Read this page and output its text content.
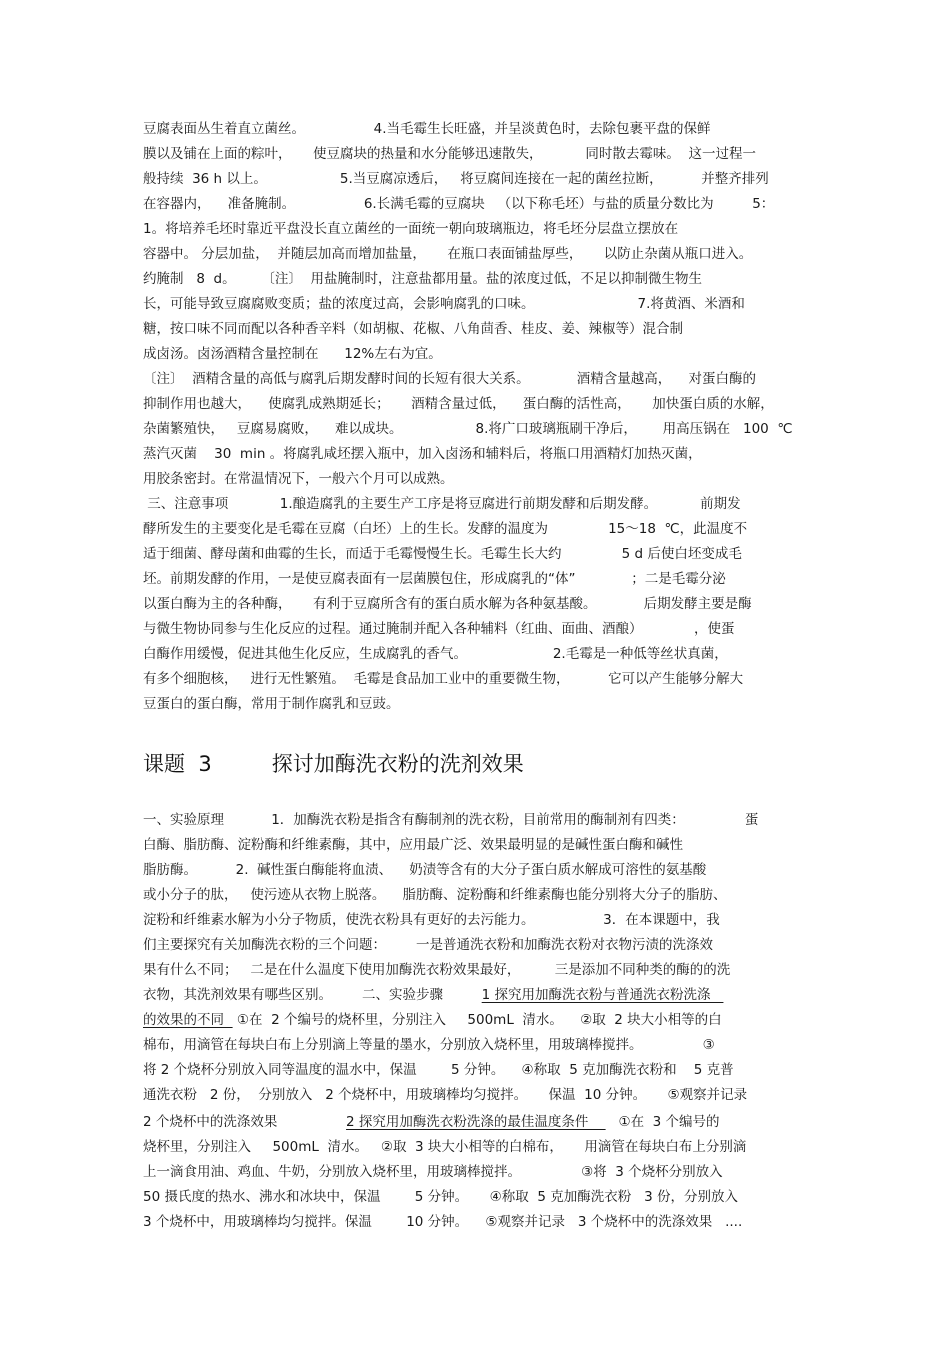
豆腐表面丛生着直立菌丝。                4.当毛霉生长旺盛，并呈淡黄色时，去除包裹平盘的保鲜
膜以及铺在上面的粽叶，     使豆腐块的热量和水分能够迅速散失，          同时散去霉味。  这一过程一
般持续  36 h 以上。                 5.当豆腐凉透后，   将豆腐间连接在一起的菌丝拉断，         并整齐排列
在容器内，    准备腌制。                6.长满毛霉的豆腐块   （以下称毛坯）与盐的质量分数比为         5：
1。将培养毛坯时靠近平盘没长直立菌丝的一面统一朝向玻璃瓶边，将毛坯分层盘立摆放在
容器中。 分层加盐，  并随层加高而增加盐量，     在瓶口表面铺盐厚些，     以防止杂菌从瓶口进入。
约腌制   8  d。      〔注〕  用盐腌制时，注意盐都用量。盐的浓度过低，不足以抑制微生物生
长，可能导致豆腐腐败变质；盐的浓度过高，会影响腐乳的口味。                        7.将黄酒、米酒和
糖，按口味不同而配以各种香辛料（如胡椒、花椒、八角茴香、桂皮、姜、辣椒等）混合制
成卤汤。卤汤酒精含量控制在      12%左右为宜。
〔注〕  酒精含量的高低与腐乳后期发酵时间的长短有很大关系。           酒精含量越高，    对蛋白酶的
抑制作用也越大，    使腐乳成熟期延长；     酒精含量过低，    蛋白酶的活性高，     加快蛋白质的水解，
杂菌繁殖快，   豆腐易腐败，    难以成块。                 8.将广口玻璃瓶刷干净后，      用高压锅在   100  ℃
蒸汽灭菌    30  min 。将腐乳咸坯摆入瓶中，加入卤汤和辅料后，将瓶口用酒精灯加热灭菌，
用胶条密封。在常温情况下，一般六个月可以成熟。
三、注意事项            1.酿造腐乳的主要生产工序是将豆腐进行前期发酵和后期发酵。          前期发
酵所发生的主要变化是毛霉在豆腐（白坯）上的生长。发酵的温度为              15～18  ℃，此温度不
适于细菌、酵母菌和曲霉的生长，而适于毛霉慢慢生长。毛霉生长大约              5 d 后使白坯变成毛
坯。前期发酵的作用，一是使豆腐表面有一层菌膜包住，形成腐乳的“体”             ；二是毛霉分泌
以蛋白酶为主的各种酶，     有利于豆腐所含有的蛋白质水解为各种氨基酸。           后期发酵主要是酶
与微生物协同参与生化反应的过程。通过腌制并配入各种辅料（红曲、面曲、酒酿）            ，使蛋
白酶作用缓慢，促进其他生化反应，生成腐乳的香气。                    2.毛霉是一种低等丝状真菌，
有多个细胞核，   进行无性繁殖。  毛霉是食品加工业中的重要微生物，         它可以产生能够分解大
豆蛋白的蛋白酶，常用于制作腐乳和豆豉。
课题  3         探讨加酶洗衣粉的洗剂效果
一、实验原理           1．加酶洗衣粉是指含有酶制剂的洗衣粉，目前常用的酶制剂有四类：              蛋
白酶、脂肪酶、淀粉酶和纤维素酶，其中，应用最广泛、效果最明显的是碱性蛋白酶和碱性
脂肪酶。         2.  碱性蛋白酶能将血渍、    奶渍等含有的大分子蛋白质水解成可溶性的氨基酸
或小分子的肽，   使污迹从衣物上脱落。    脂肪酶、淀粉酶和纤维素酶也能分别将大分子的脂肪、
淀粉和纤维素水解为小分子物质，使洗衣粉具有更好的去污能力。                3．在本课题中，我
们主要探究有关加酶洗衣粉的三个问题：       一是普通洗衣粉和加酶洗衣粉对衣物污渍的洗涤效
果有什么不同；   二是在什么温度下使用加酶洗衣粉效果最好，        三是添加不同种类的酶的的洗
衣物，其洗剂效果有哪些区别。       二、实验步骤         1 探究用加酶洗衣粉与普通洗衣粉洗涤
的效果的不同   ①在  2 个编号的烧杯里，分别注入     500mL  清水。    ②取  2 块大小相等的白
棉布，用滴管在每块白布上分别滴上等量的墨水，分别放入烧杯里，用玻璃棒搅拌。              ③
将 2 个烧杯分别放入同等温度的温水中，保温        5 分钟。    ④称取  5 克加酶洗衣粉和    5 克普
通洗衣粉   2 份，  分别放入   2 个烧杯中，用玻璃棒均匀搅拌。     保温  10 分钟。     ⑤观察并记录
2 个烧杯中的洗涤效果                2 探究用加酶洗衣粉洗涤的最佳温度条件       ①在  3 个编号的
烧杯里，分别注入     500mL  清水。   ②取  3 块大小相等的白棉布，     用滴管在每块白布上分别滴
上一滴食用油、鸡血、牛奶，分别放入烧杯里，用玻璃棒搅拌。              ③将  3 个烧杯分别放入
50 摄氏度的热水、沸水和冰块中，保温        5 分钟。     ④称取  5 克加酶洗衣粉   3 份，分别放入
3 个烧杯中，用玻璃棒均匀搅拌。保温        10 分钟。    ⑤观察并记录   3 个烧杯中的洗涤效果   ....
